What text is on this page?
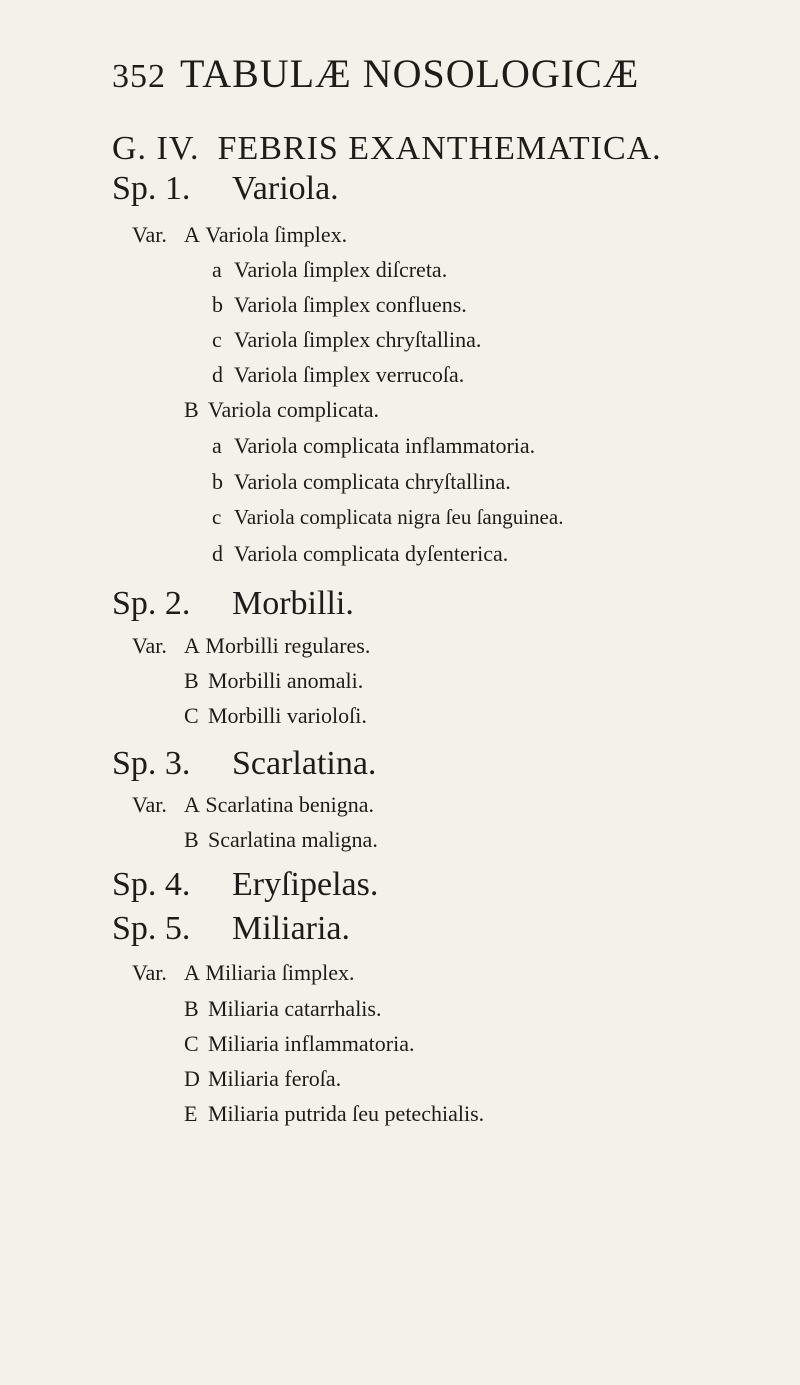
352 TABULÆ NOSOLOGICÆ
G. IV. FEBRIS EXANTHEMATICA.
Sp. 1. Variola.
Var. A Variola ſimplex.
a Variola ſimplex diſcreta.
b Variola ſimplex confluens.
c Variola ſimplex chryſtallina.
d Variola ſimplex verrucoſa.
B Variola complicata.
a Variola complicata inflammatoria.
b Variola complicata chryſtallina.
c Variola complicata nigra ſeu ſanguinea.
d Variola complicata dyſenterica.
Sp. 2. Morbilli.
Var. A Morbilli regulares.
B Morbilli anomali.
C Morbilli varioloſi.
Sp. 3. Scarlatina.
Var. A Scarlatina benigna.
B Scarlatina maligna.
Sp. 4. Eryſipelas.
Sp. 5. Miliaria.
Var. A Miliaria ſimplex.
B Miliaria catarrhalis.
C Miliaria inflammatoria.
D Miliaria feroſa.
E Miliaria putrida ſeu petechialis.
